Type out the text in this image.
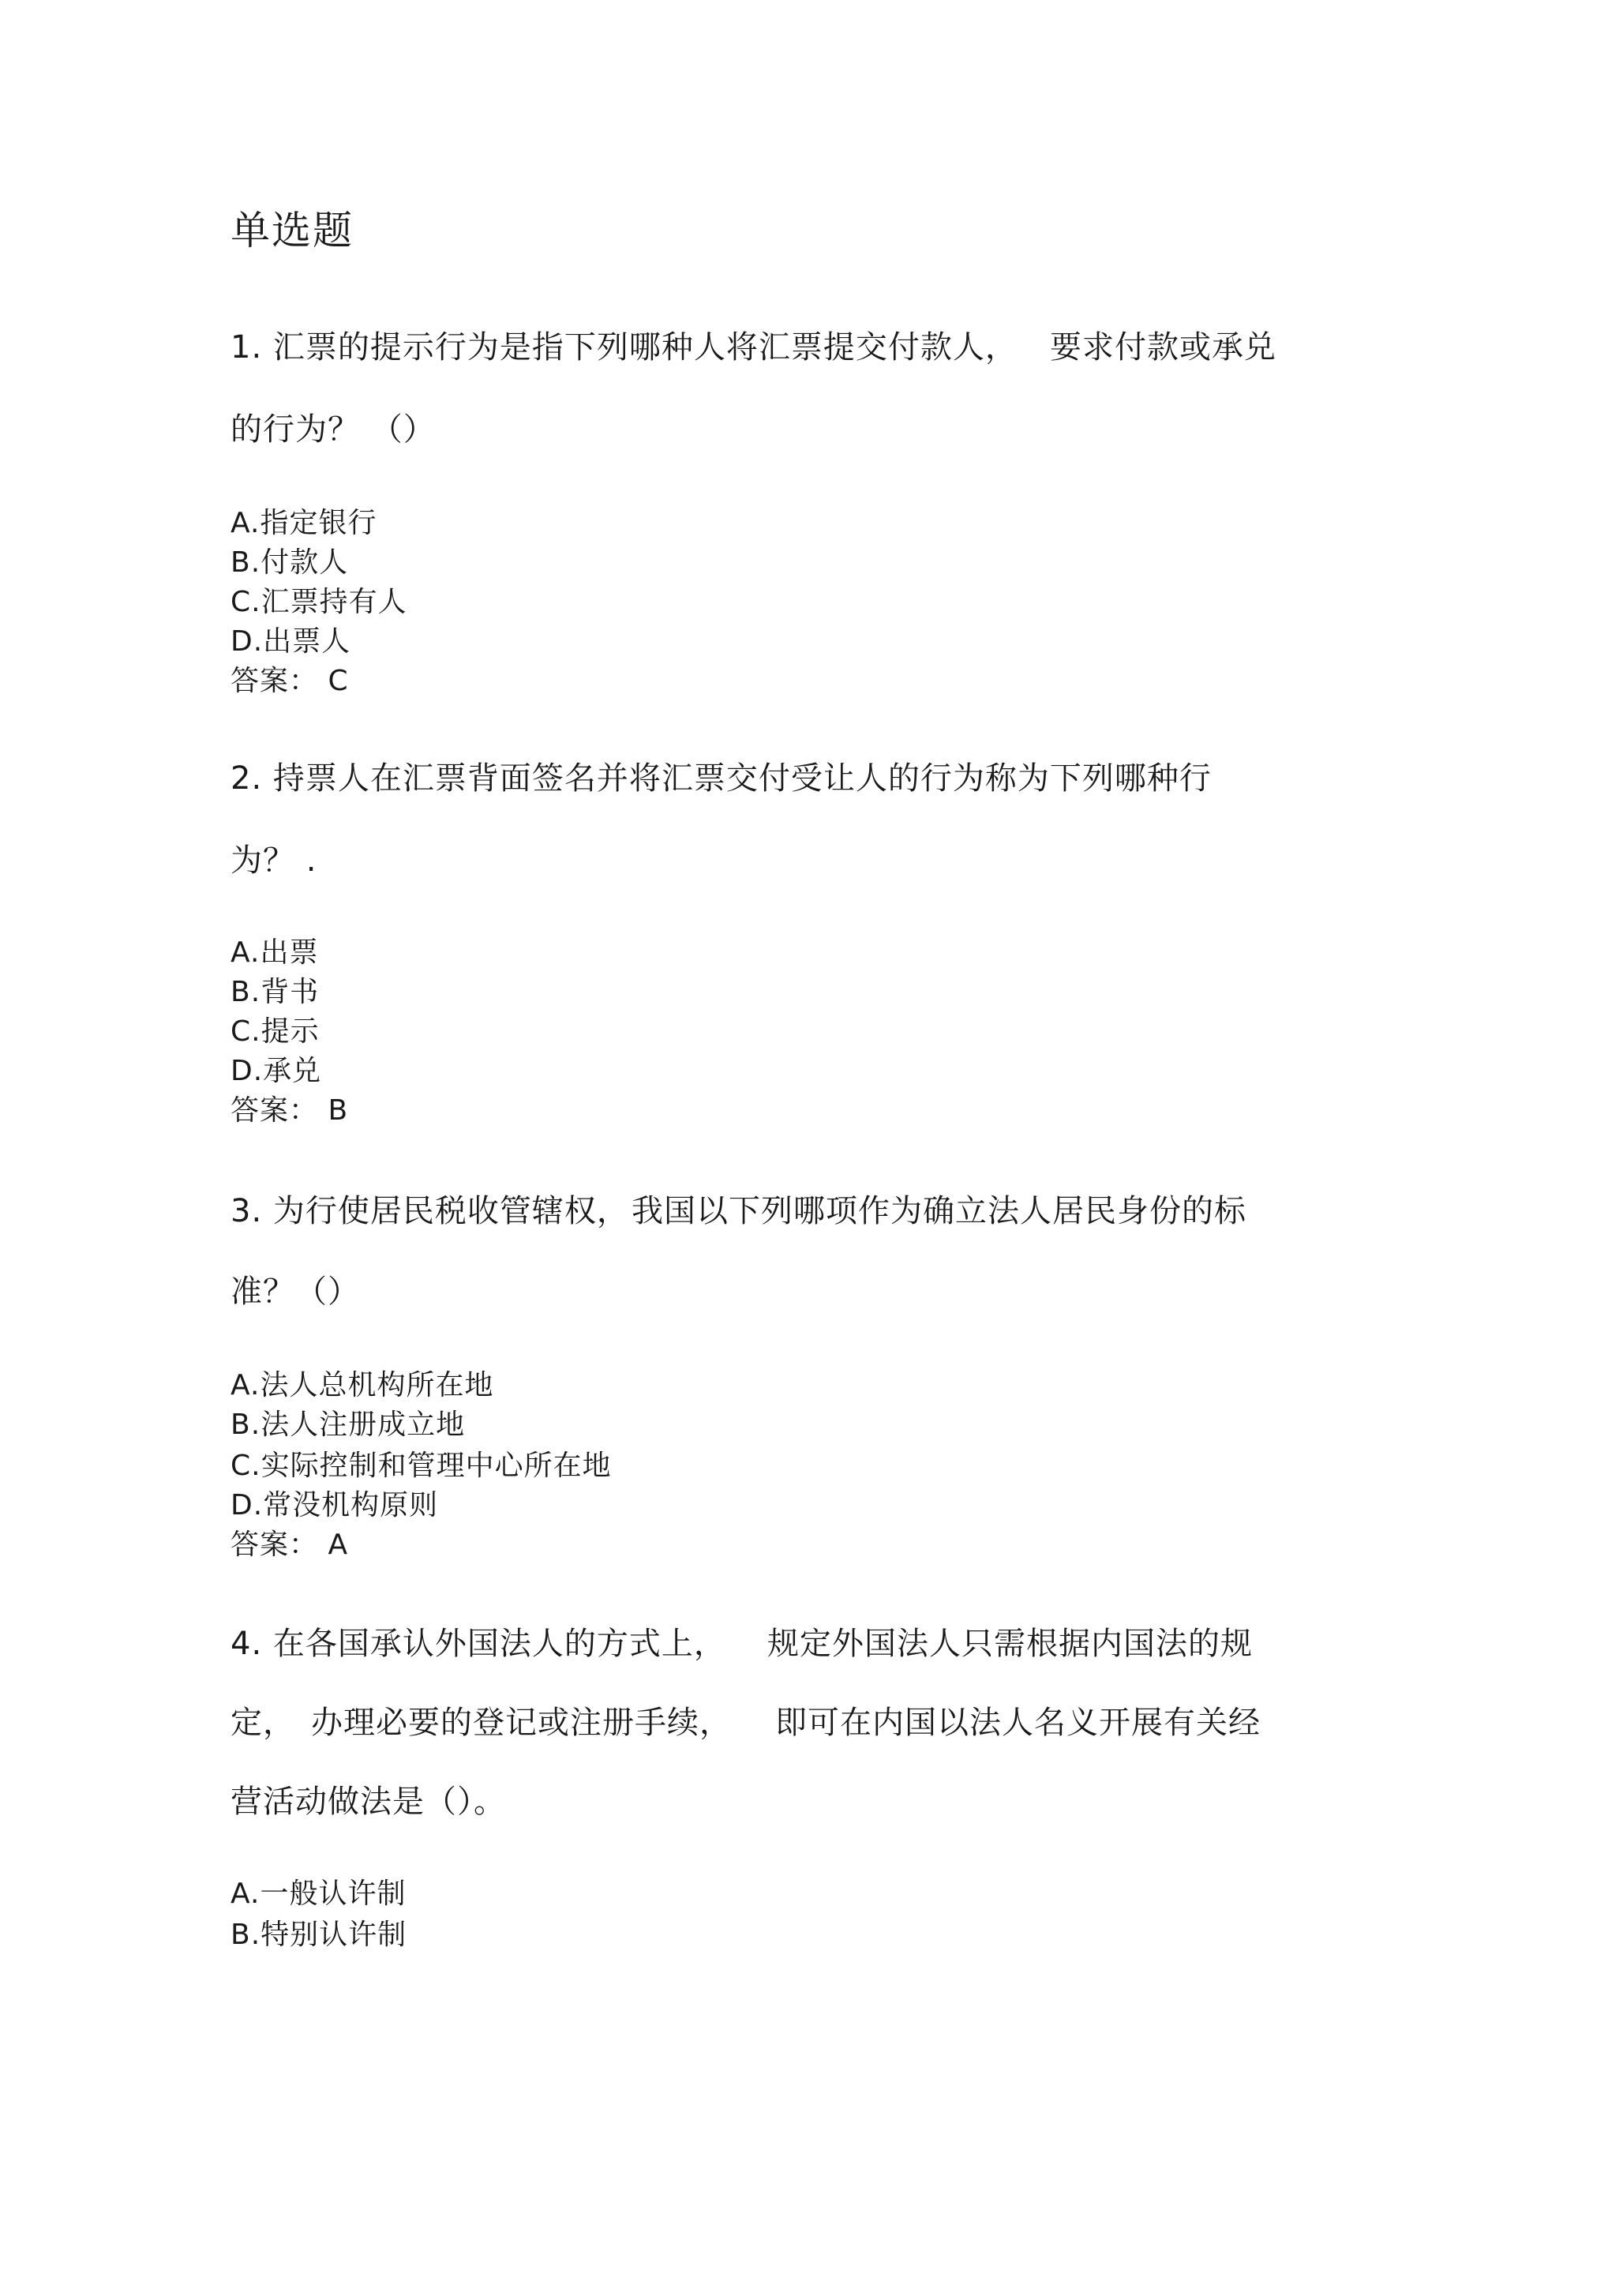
单选题
1. 汇票的提示行为是指下列哪种人将汇票提交付款人， 要求付款或承兑
的行为？ （）
A.指定银行
B.付款人
C.汇票持有人
D.出票人
答案： C
2. 持票人在汇票背面签名并将汇票交付受让人的行为称为下列哪种行
为？ .
A.出票
B.背书
C.提示
D.承兑
答案： B
3. 为行使居民税收管辖权， 我国以下列哪项作为确立法人居民身份的标
准？（）
A.法人总机构所在地
B.法人注册成立地
C.实际控制和管理中心所在地
D.常没机构原则
答案： A
4. 在各国承认外国法人的方式上， 规定外国法人只需根据内国法的规
定， 办理必要的登记或注册手续， 即可在内国以法人名义开展有关经
营活动做法是（）。
A.一般认许制
B.特别认许制
